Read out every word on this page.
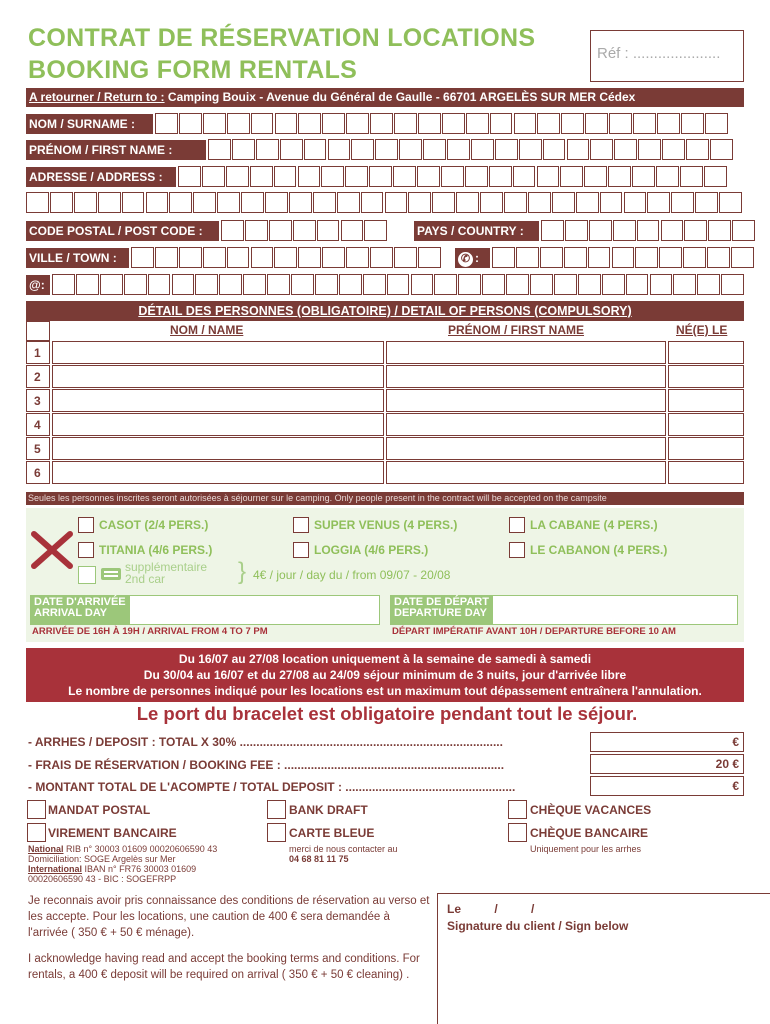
CONTRAT DE RÉSERVATION LOCATIONS
BOOKING FORM RENTALS
Réf : .....................
A retourner / Return to : Camping Bouix - Avenue du Général de Gaulle - 66701 ARGELÈS SUR MER Cédex
NOM / SURNAME :
PRÉNOM / FIRST NAME :
ADRESSE / ADDRESS :
CODE POSTAL / POST CODE :	PAYS / COUNTRY :
VILLE / TOWN :	✆ :
@:
DÉTAIL DES PERSONNES (OBLIGATOIRE) / DETAIL OF PERSONS (COMPULSORY)
NOM / NAME	PRÉNOM / FIRST NAME	NÉ(E) LE
1
2
3
4
5
6
Seules les personnes inscrites seront autorisées à séjourner sur le camping. Only people present in the contract will be accepted on the campsite
CASOT (2/4 PERS.)
TITANIA (4/6 PERS.)
SUPER VENUS (4 PERS.)
LOGGIA (4/6 PERS.)
LA CABANE (4 PERS.)
LE CABANON (4 PERS.)
supplémentaire
2nd car	} 4€ / jour / day du / from 09/07 - 20/08
DATE D'ARRIVÉE
ARRIVAL DAY
DATE DE DÉPART
DEPARTURE DAY
ARRIVÉE DE 16H À 19H / ARRIVAL FROM 4 TO 7 PM	DÉPART IMPÉRATIF AVANT 10H / DEPARTURE BEFORE 10 AM
Du 16/07 au 27/08 location uniquement à la semaine de samedi à samedi
Du 30/04 au 16/07 et du 27/08 au 24/09 séjour minimum de 3 nuits, jour d'arrivée libre
Le nombre de personnes indiqué pour les locations est un maximum tout dépassement entraînera l'annulation.
Le port du bracelet est obligatoire pendant tout le séjour.
- ARRHES / DEPOSIT : TOTAL X 30% ...............................................................................	€
- FRAIS DE RÉSERVATION / BOOKING FEE : ..................................................................	20 €
- MONTANT TOTAL DE L'ACOMPTE / TOTAL DEPOSIT : ...................................................	€
MANDAT POSTAL
VIREMENT BANCAIRE
National RIB n° 30003 01609 00020606590 43
Domiciliation: SOGE Argelès sur Mer
International IBAN n° FR76 30003 01609
00020606590 43 - BIC : SOGEFRPP
BANK DRAFT
CARTE BLEUE
merci de nous contacter au
04 68 81 11 75
CHÈQUE VACANCES
CHÈQUE BANCAIRE
Uniquement pour les arrhes
Je reconnais avoir pris connaissance des conditions de réservation au verso et les accepte. Pour les locations, une caution de 400 € sera demandée à l'arrivée ( 350 € + 50 € ménage).
I acknowledge having read and accept the booking terms and conditions. For rentals, a 400 € deposit will be required on arrival ( 350 € + 50 € cleaning) .
Le          /          /
Signature du client / Sign below
